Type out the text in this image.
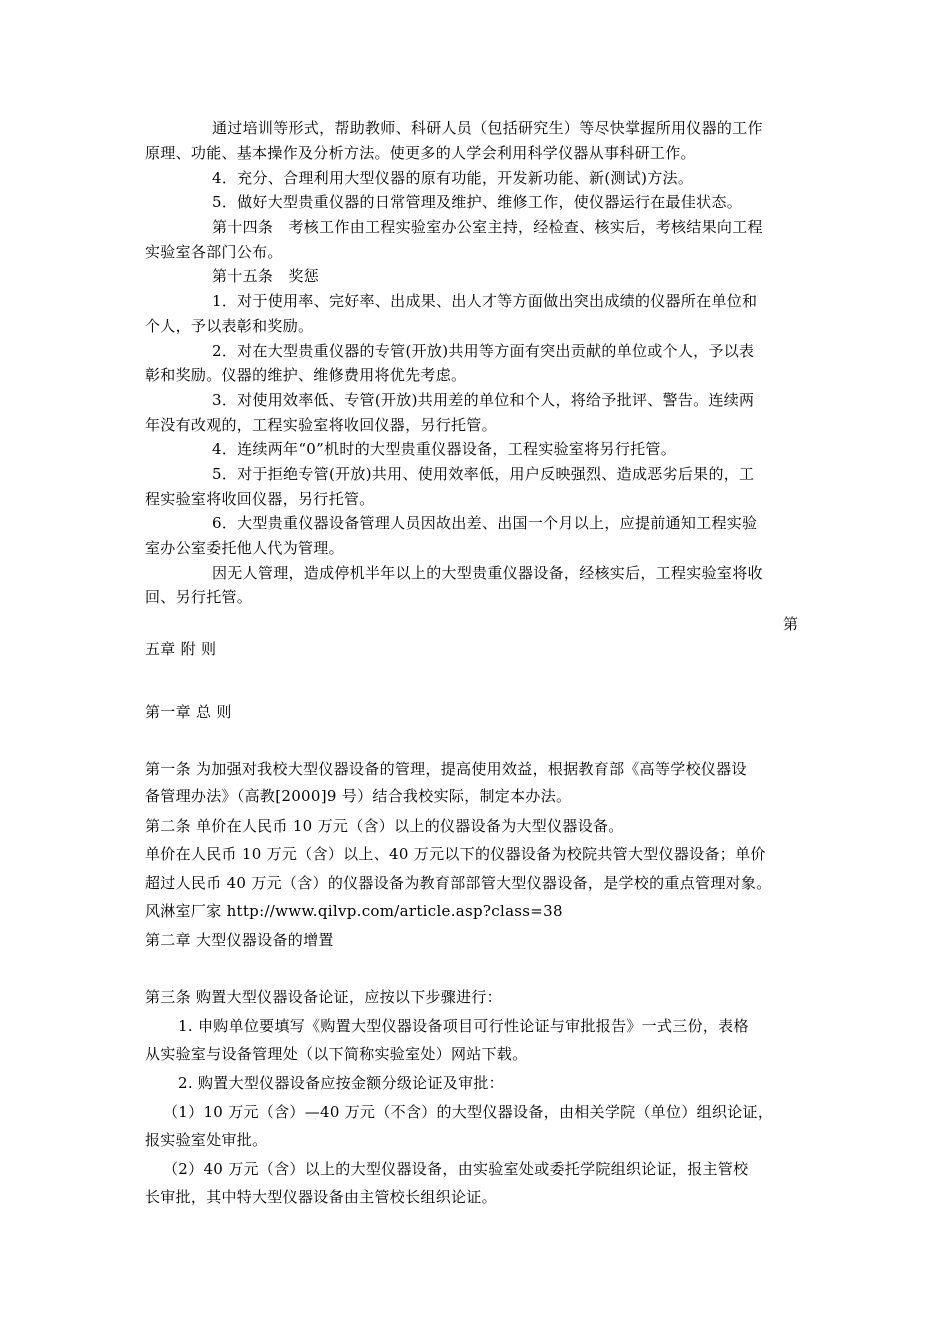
通过培训等形式，帮助教师、科研人员（包括研究生）等尽快掌握所用仪器的工作
原理、功能、基本操作及分析方法。使更多的人学会利用科学仪器从事科研工作。
4．充分、合理利用大型仪器的原有功能，开发新功能、新(测试)方法。
5．做好大型贵重仪器的日常管理及维护、维修工作，使仪器运行在最佳状态。
第十四条　考核工作由工程实验室办公室主持，经检查、核实后，考核结果向工程
实验室各部门公布。
第十五条　奖惩
1．对于使用率、完好率、出成果、出人才等方面做出突出成绩的仪器所在单位和
个人，予以表彰和奖励。
2．对在大型贵重仪器的专管(开放)共用等方面有突出贡献的单位或个人，予以表
彰和奖励。仪器的维护、维修费用将优先考虑。
3．对使用效率低、专管(开放)共用差的单位和个人，将给予批评、警告。连续两
年没有改观的，工程实验室将收回仪器，另行托管。
4．连续两年“0”机时的大型贵重仪器设备，工程实验室将另行托管。
5．对于拒绝专管(开放)共用、使用效率低，用户反映强烈、造成恶劣后果的，工
程实验室将收回仪器，另行托管。
6．大型贵重仪器设备管理人员因故出差、出国一个月以上，应提前通知工程实验
室办公室委托他人代为管理。
因无人管理，造成停机半年以上的大型贵重仪器设备，经核实后，工程实验室将收
回、另行托管。
第
五章 附 则
第一章 总 则
第一条 为加强对我校大型仪器设备的管理，提高使用效益，根据教育部《高等学校仪器设
备管理办法》（高教[2000]9 号）结合我校实际，制定本办法。
第二条 单价在人民币 10 万元（含）以上的仪器设备为大型仪器设备。
单价在人民币 10 万元（含）以上、40 万元以下的仪器设备为校院共管大型仪器设备；单价
超过人民币 40 万元（含）的仪器设备为教育部部管大型仪器设备，是学校的重点管理对象。
风淋室厂家 http://www.qilvp.com/article.asp?class=38
第二章 大型仪器设备的增置
第三条 购置大型仪器设备论证，应按以下步骤进行：
1. 申购单位要填写《购置大型仪器设备项目可行性论证与审批报告》一式三份，表格
从实验室与设备管理处（以下简称实验室处）网站下载。
2. 购置大型仪器设备应按金额分级论证及审批：
（1）10 万元（含）—40 万元（不含）的大型仪器设备，由相关学院（单位）组织论证，
报实验室处审批。
（2）40 万元（含）以上的大型仪器设备，由实验室处或委托学院组织论证，报主管校
长审批，其中特大型仪器设备由主管校长组织论证。
